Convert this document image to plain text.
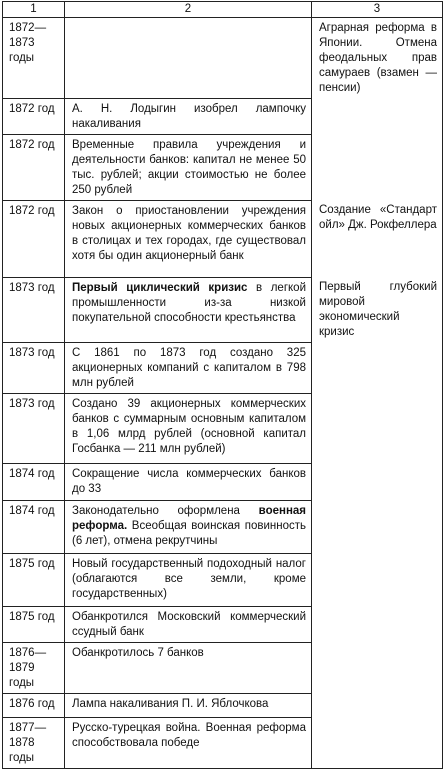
1	2	3

1872—
1873 годы		Аграрная реформа в Японии. Отмена феодальных прав самураев (взамен — пенсии)

1872 год	А. Н. Лодыгин изобрел лампочку накаливания	

1872 год	Временные правила учреждения и деятельности банков: капитал не менее 50 тыс. рублей; акции стоимостью не более 250 рублей	

1872 год	Закон о приостановлении учреждения новых акционерных коммерческих банков в столицах и тех городах, где существовал хотя бы один акционерный банк	Создание «Стандарт ойл» Дж. Рокфеллера

1873 год	Первый циклический кризис в легкой промышленности из-за низкой покупательной способности крестьянства	Первый глубокий мировой экономический кризис

1873 год	С 1861 по 1873 год создано 325 акционерных компаний с капиталом в 798 млн рублей	

1873 год	Создано 39 акционерных коммерческих банков с суммарным основным капиталом в 1,06 млрд рублей (основной капитал Госбанка — 211 млн рублей)	

1874 год	Сокращение числа коммерческих банков до 33	

1874 год	Законодательно оформлена военная реформа. Всеобщая воинская повинность (6 лет), отмена рекрутчины	

1875 год	Новый государственный подоходный налог (облагаются все земли, кроме государственных)	

1875 год	Обанкротился Московский коммерческий ссудный банк	

1876—
1879 годы	Обанкротилось 7 банков	

1876 год	Лампа накаливания П. И. Яблочкова	

1877—
1878 годы	Русско-турецкая война. Военная реформа способствовала победе	
